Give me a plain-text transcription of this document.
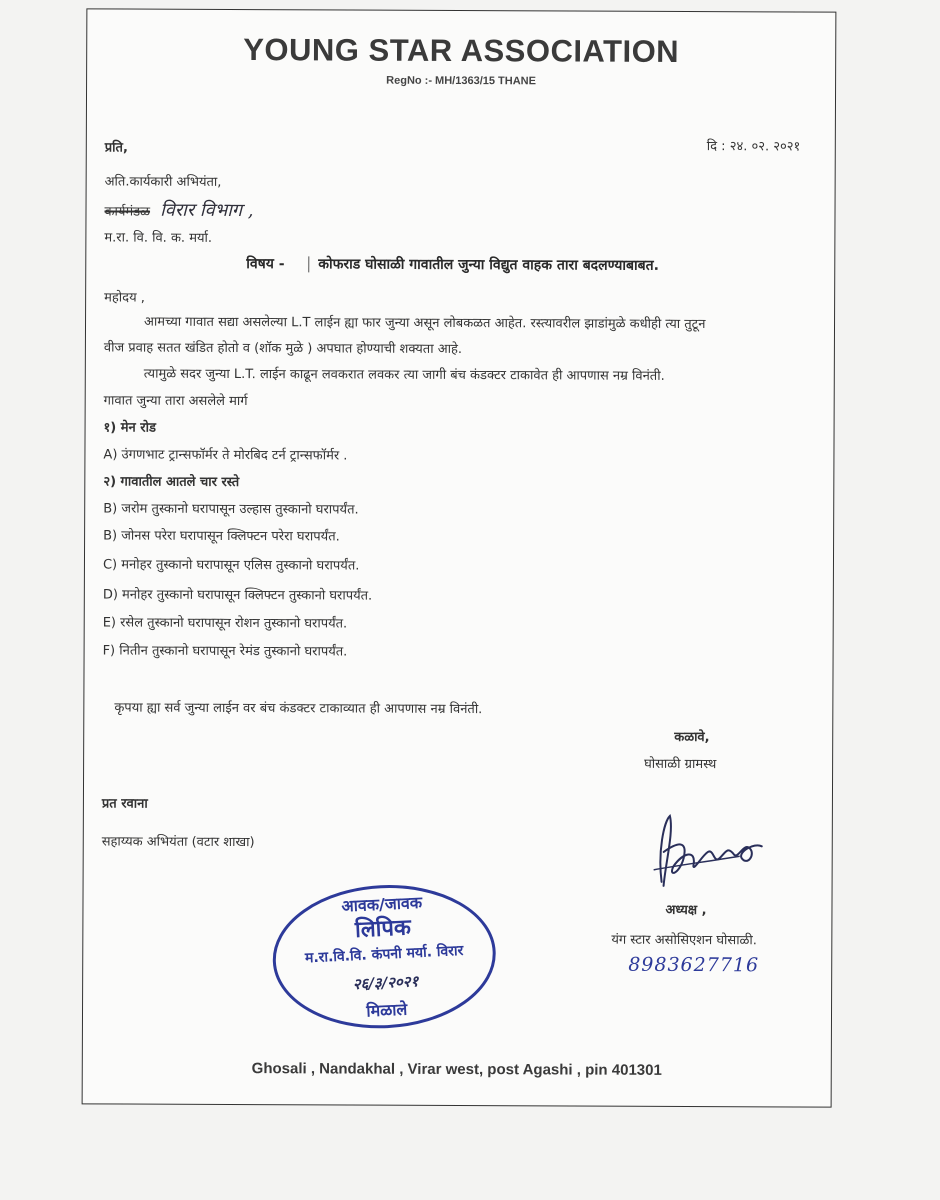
YOUNG STAR ASSOCIATION
RegNo :- MH/1363/15 THANE
प्रति,	दि : २४. ०२. २०२१
अति.कार्यकारी अभियंता,
कार्यमंडळ विरार विभाग ,
म.रा. वि. वि. क. मर्या.
विषय - कोफराड घोसाळी गावातील जुन्या विद्युत वाहक तारा बदलण्याबाबत.
महोदय ,
आमच्या गावात सद्या असलेल्या L.T लाईन ह्या फार जुन्या असून लोबकळत आहेत. रस्त्यावरील झाडांमुळे कधीही त्या तुटून
वीज प्रवाह सतत खंडित होतो व (शॉक मुळे ) अपघात होण्याची शक्यता आहे.
त्यामुळे सदर जुन्या L.T. लाईन काढून लवकरात लवकर त्या जागी बंच कंडक्टर टाकावेत ही आपणास नम्र विनंती.
गावात जुन्या तारा असलेले मार्ग
१) मेन रोड
A) उंगणभाट ट्रान्सफॉर्मर ते मोरबिद टर्न ट्रान्सफॉर्मर .
२) गावातील आतले चार रस्ते
B) जरोम तुस्कानो घरापासून उल्हास तुस्कानो घरापर्यंत.
B) जोनस परेरा घरापासून क्लिफ्टन परेरा घरापर्यंत.
C) मनोहर तुस्कानो घरापासून एलिस तुस्कानो घरापर्यंत.
D) मनोहर तुस्कानो घरापासून क्लिफ्टन तुस्कानो घरापर्यंत.
E) रसेल तुस्कानो घरापासून रोशन तुस्कानो घरापर्यंत.
F) नितीन तुस्कानो घरापासून रेमंड तुस्कानो घरापर्यंत.
कृपया ह्या सर्व जुन्या लाईन वर बंच कंडक्टर टाकाव्यात ही आपणास नम्र विनंती.
कळावे,
घोसाळी ग्रामस्थ
प्रत रवाना
सहाय्यक अभियंता (वटार शाखा)
अध्यक्ष ,
यंग स्टार असोसिएशन घोसाळी.
8983627716
आवक/जावक
लिपिक
म.रा.वि.वि. कंपनी मर्या. विरार
२६/३/२०२१
मिळाले
Ghosali , Nandakhal , Virar west, post Agashi , pin 401301
